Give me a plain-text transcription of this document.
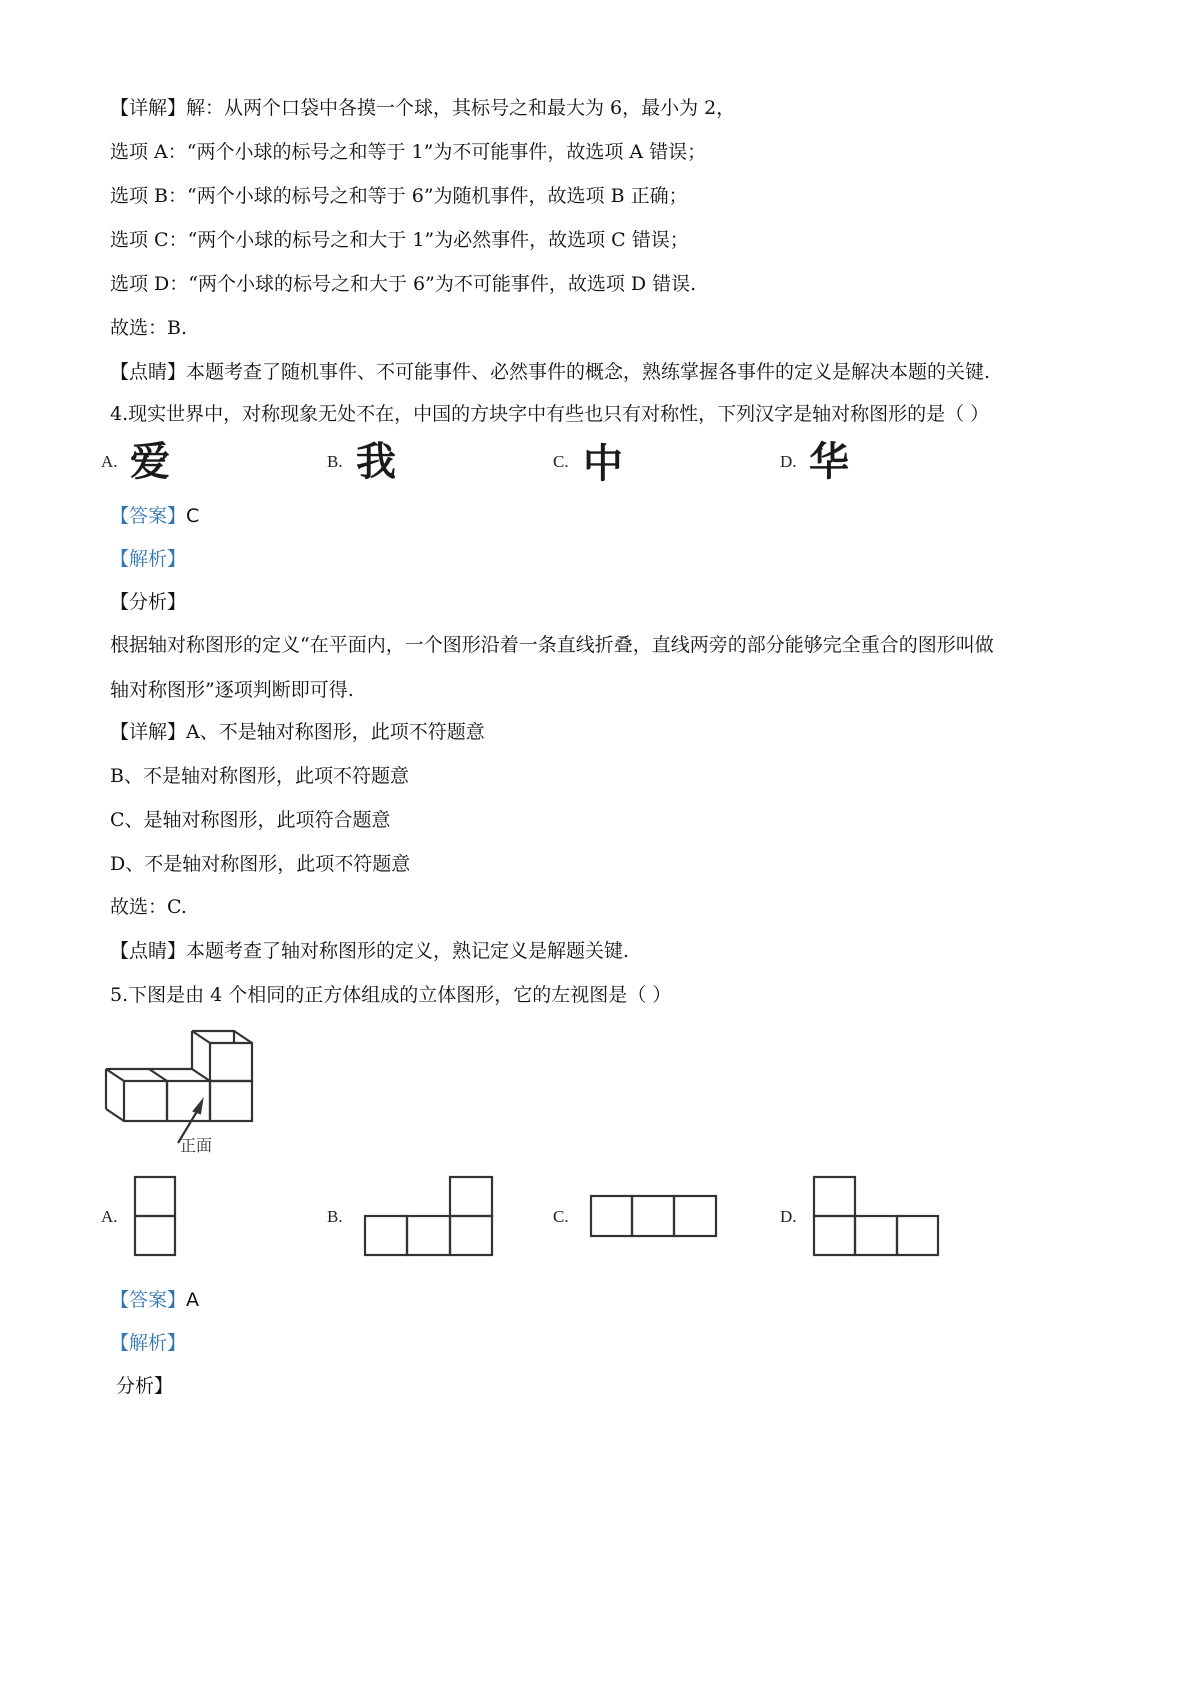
【详解】解：从两个口袋中各摸一个球，其标号之和最大为 6，最小为 2，
选项 A：“两个小球的标号之和等于 1”为不可能事件，故选项 A 错误；
选项 B：“两个小球的标号之和等于 6”为随机事件，故选项 B 正确；
选项 C：“两个小球的标号之和大于 1”为必然事件，故选项 C 错误；
选项 D：“两个小球的标号之和大于 6”为不可能事件，故选项 D 错误.
故选：B.
【点睛】本题考查了随机事件、不可能事件、必然事件的概念，熟练掌握各事件的定义是解决本题的关键.
4.现实世界中，对称现象无处不在，中国的方块字中有些也只有对称性，下列汉字是轴对称图形的是（ ）
A. 爱	B. 我	C. 中	D. 华
【答案】C
【解析】
【分析】
根据轴对称图形的定义“在平面内，一个图形沿着一条直线折叠，直线两旁的部分能够完全重合的图形叫做
轴对称图形”逐项判断即可得.
【详解】A、不是轴对称图形，此项不符题意
B、不是轴对称图形，此项不符题意
C、是轴对称图形，此项符合题意
D、不是轴对称图形，此项不符题意
故选：C.
【点睛】本题考查了轴对称图形的定义，熟记定义是解题关键.
5.下图是由 4 个相同的正方体组成的立体图形，它的左视图是（ ）
正面
A.	B.	C.	D.
【答案】A
【解析】
分析】
